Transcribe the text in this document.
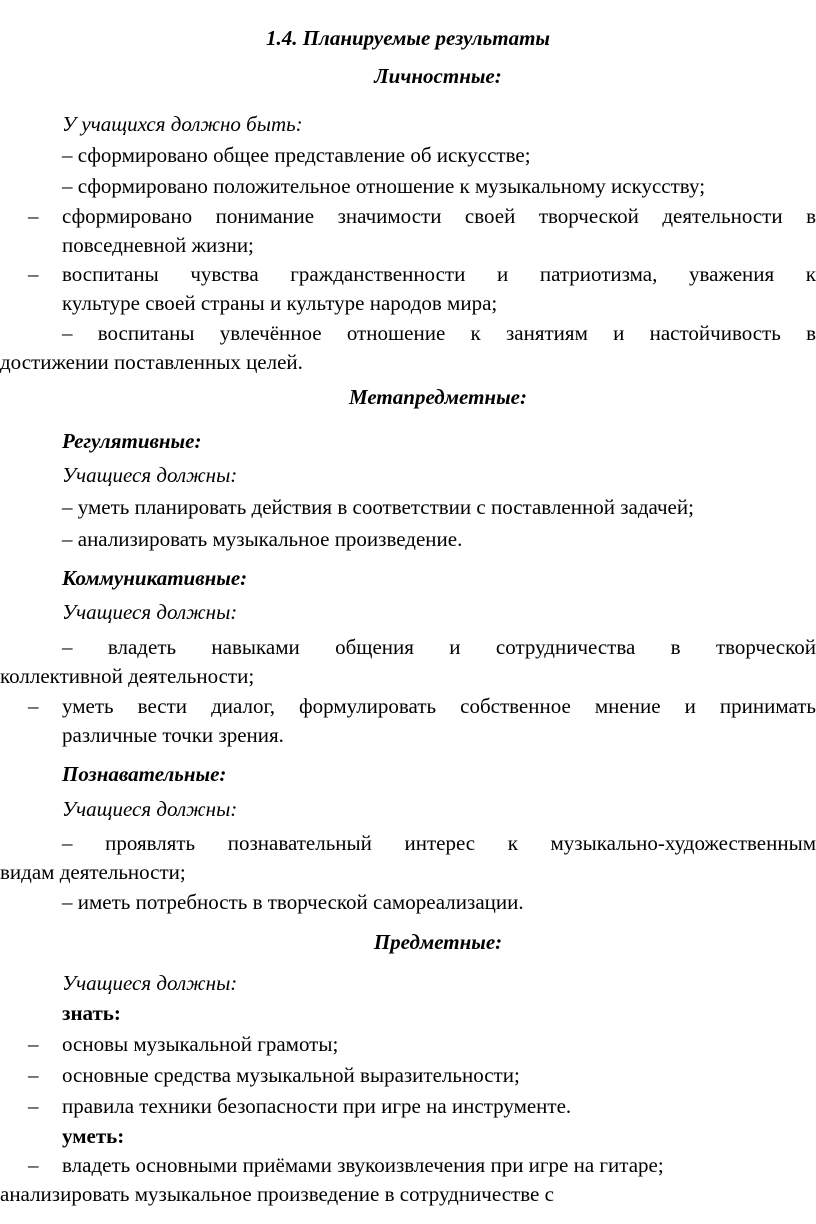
1.4. Планируемые результаты
Личностные:
У учащихся должно быть:
– сформировано общее представление об искусстве;
– сформировано положительное отношение к музыкальному искусству;
– сформировано понимание значимости своей творческой деятельности в
повседневной жизни;
– воспитаны чувства гражданственности и патриотизма, уважения к
культуре своей страны и культуре народов мира;
– воспитаны увлечённое отношение к занятиям и настойчивость в
достижении поставленных целей.
Метапредметные:
Регулятивные:
Учащиеся должны:
– уметь планировать действия в соответствии с поставленной задачей;
– анализировать музыкальное произведение.
Коммуникативные:
Учащиеся должны:
– владеть навыками общения и сотрудничества в творческой
коллективной деятельности;
– уметь вести диалог, формулировать собственное мнение и принимать
различные точки зрения.
Познавательные:
Учащиеся должны:
– проявлять познавательный интерес к музыкально-художественным
видам деятельности;
– иметь потребность в творческой самореализации.
Предметные:
Учащиеся должны:
знать:
– основы музыкальной грамоты;
– основные средства музыкальной выразительности;
– правила техники безопасности при игре на инструменте.
уметь:
– владеть основными приёмами звукоизвлечения при игре на гитаре;
анализировать музыкальное произведение в сотрудничестве с
